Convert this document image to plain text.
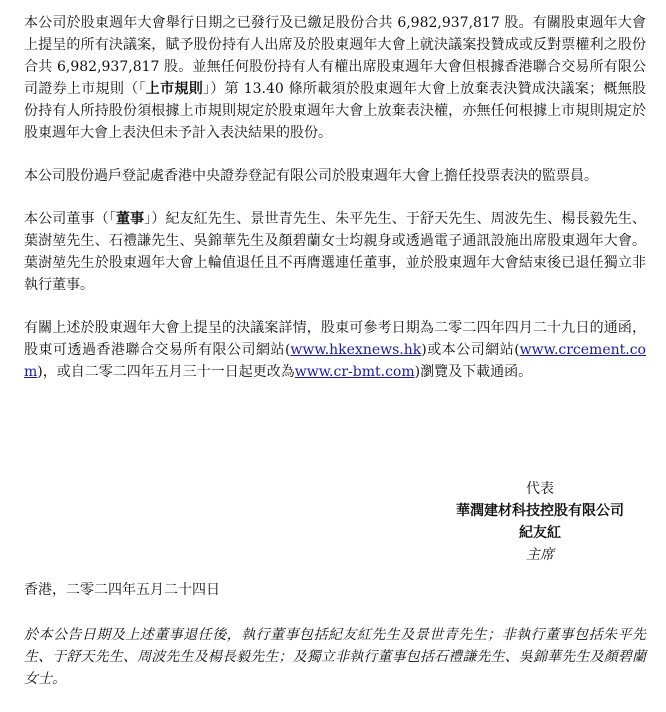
本公司於股東週年大會舉行日期之已發行及已繳足股份合共 6,982,937,817 股。有關股東週年大會上提呈的所有決議案，賦予股份持有人出席及於股東週年大會上就決議案投贊成或反對票權利之股份合共 6,982,937,817 股。並無任何股份持有人有權出席股東週年大會但根據香港聯合交易所有限公司證券上市規則（「上市規則」）第 13.40 條所載須於股東週年大會上放棄表決贊成決議案；概無股份持有人所持股份須根據上市規則規定於股東週年大會上放棄表決權，亦無任何根據上市規則規定於股東週年大會上表決但未予計入表決結果的股份。

本公司股份過戶登記處香港中央證券登記有限公司於股東週年大會上擔任投票表決的監票員。

本公司董事（「董事」）紀友紅先生、景世青先生、朱平先生、于舒天先生、周波先生、楊長毅先生、葉澍堃先生、石禮謙先生、吳錦華先生及顏碧蘭女士均親身或透過電子通訊設施出席股東週年大會。葉澍堃先生於股東週年大會上輪值退任且不再膺選連任董事，並於股東週年大會結束後已退任獨立非執行董事。

有關上述於股東週年大會上提呈的決議案詳情，股東可參考日期為二零二四年四月二十九日的通函，股東可透過香港聯合交易所有限公司網站(www.hkexnews.hk)或本公司網站(www.crcement.com)，或自二零二四年五月三十一日起更改為www.cr-bmt.com)瀏覽及下載通函。

代表
華潤建材科技控股有限公司
紀友紅
主席
香港，二零二四年五月二十四日
於本公告日期及上述董事退任後，執行董事包括紀友紅先生及景世青先生；非執行董事包括朱平先生、于舒天先生、周波先生及楊長毅先生；及獨立非執行董事包括石禮謙先生、吳錦華先生及顏碧蘭女士。
